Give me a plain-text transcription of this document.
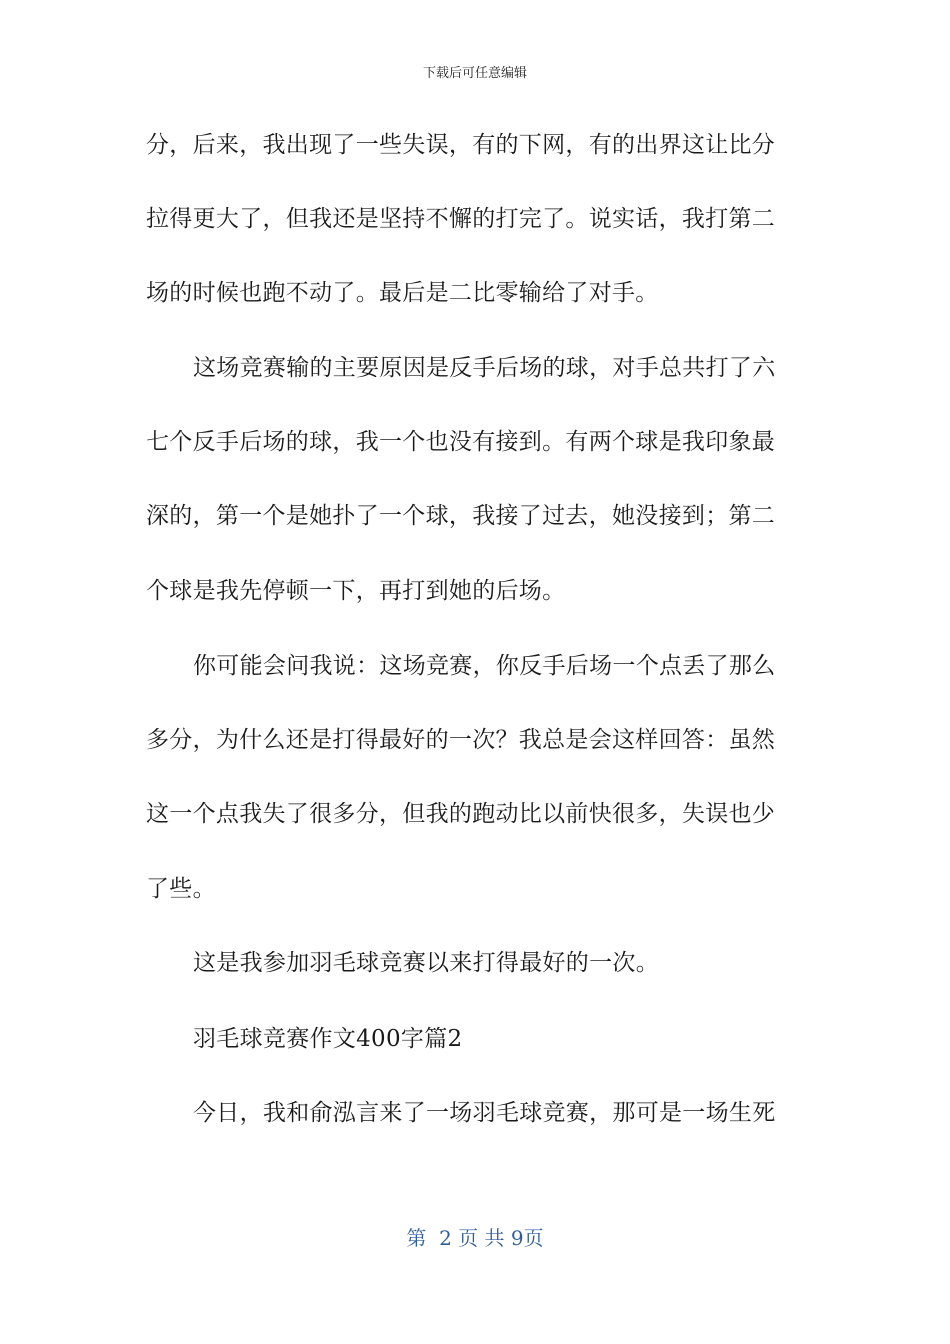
下载后可任意编辑
分，后来，我出现了一些失误，有的下网，有的出界这让比分
拉得更大了，但我还是坚持不懈的打完了。说实话，我打第二
场的时候也跑不动了。最后是二比零输给了对手。
这场竞赛输的主要原因是反手后场的球，对手总共打了六
七个反手后场的球，我一个也没有接到。有两个球是我印象最
深的，第一个是她扑了一个球，我接了过去，她没接到；第二
个球是我先停顿一下，再打到她的后场。
你可能会问我说：这场竞赛，你反手后场一个点丢了那么
多分，为什么还是打得最好的一次？我总是会这样回答：虽然
这一个点我失了很多分，但我的跑动比以前快很多，失误也少
了些。
这是我参加羽毛球竞赛以来打得最好的一次。
羽毛球竞赛作文400字篇2
今日，我和俞泓言来了一场羽毛球竞赛，那可是一场生死
第  2 页 共 9页
